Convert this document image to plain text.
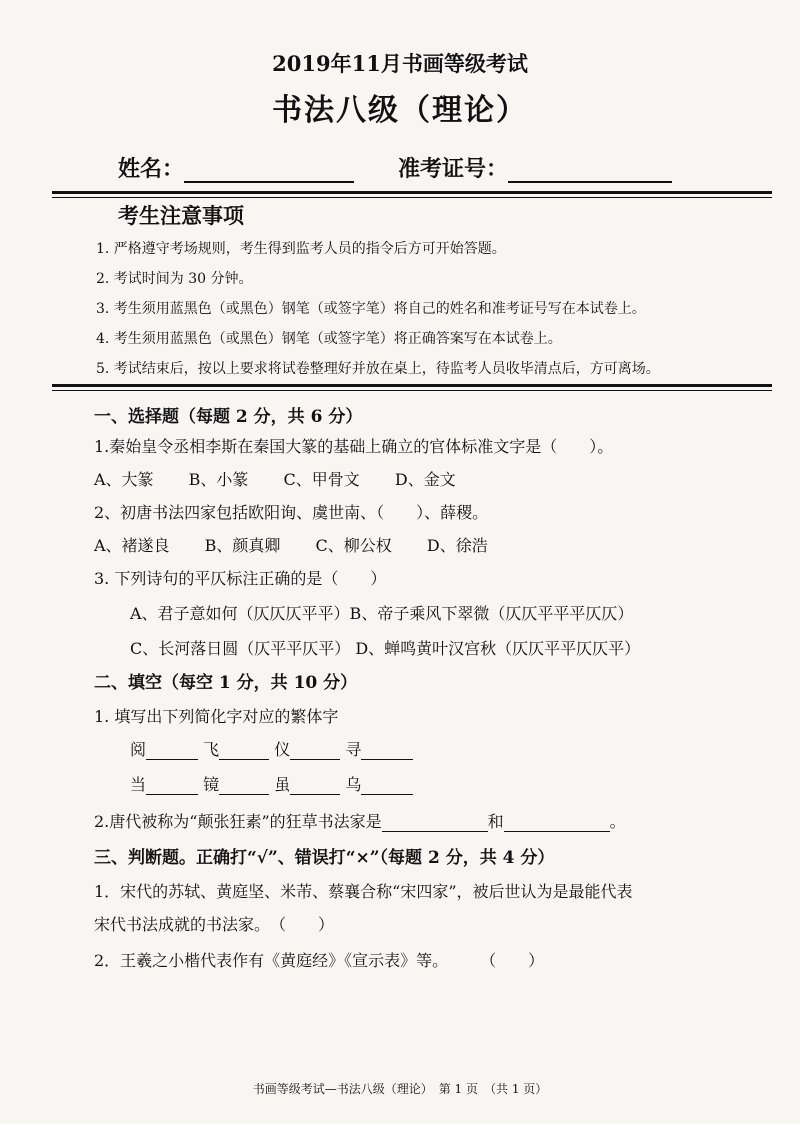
2019年11月书画等级考试
书法八级（理论）
姓名：	准考证号：
考生注意事项
1. 严格遵守考场规则，考生得到监考人员的指令后方可开始答题。
2. 考试时间为 30 分钟。
3. 考生须用蓝黑色（或黑色）钢笔（或签字笔）将自己的姓名和准考证号写在本试卷上。
4. 考生须用蓝黑色（或黑色）钢笔（或签字笔）将正确答案写在本试卷上。
5. 考试结束后，按以上要求将试卷整理好并放在桌上，待监考人员收毕清点后，方可离场。
一、选择题（每题 2 分，共 6 分）
1.秦始皇令丞相李斯在秦国大篆的基础上确立的官体标准文字是（　　）。
A、大篆 B、小篆 C、甲骨文 D、金文
2、初唐书法四家包括欧阳询、虞世南、（　　）、薛稷。
A、褚遂良 B、颜真卿 C、柳公权 D、徐浩
3. 下列诗句的平仄标注正确的是（　　）
A、君子意如何（仄仄仄平平）B、帝子乘风下翠微（仄仄平平平仄仄）
C、长河落日圆（仄平平仄平） D、蝉鸣黄叶汉宫秋（仄仄平平仄仄平）
二、填空（每空 1 分，共 10 分）
1. 填写出下列简化字对应的繁体字
阅	飞	仪	寻
当	镜	虽	乌
2.唐代被称为“颠张狂素”的狂草书法家是	和	。
三、判断题。正确打“√”、错误打“×”（每题 2 分，共 4 分）
1．宋代的苏轼、黄庭坚、米芾、蔡襄合称“宋四家”，被后世认为是最能代表
宋代书法成就的书法家。　（　　）
2．王羲之小楷代表作有《黄庭经》《宣示表》等。　　　（　　）
书画等级考试—书法八级（理论）　第 1 页　（共 1 页）
